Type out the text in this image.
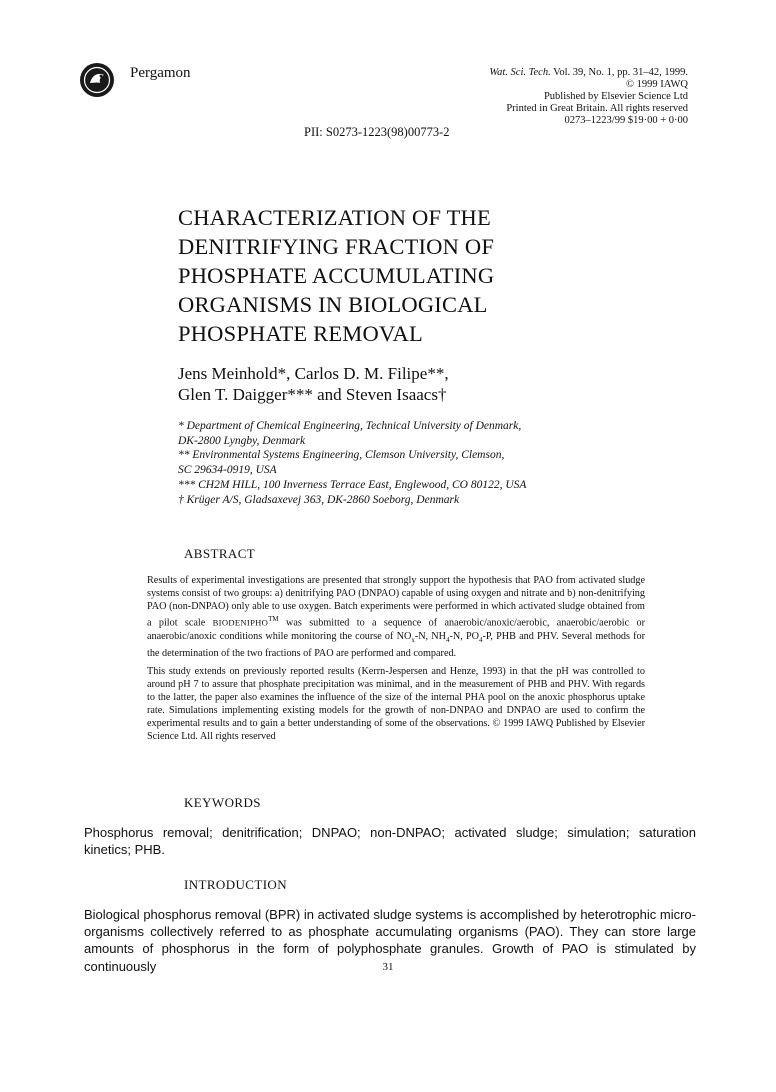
Pergamon	Wat. Sci. Tech. Vol. 39, No. 1, pp. 31–42, 1999.
© 1999 IAWQ
Published by Elsevier Science Ltd
Printed in Great Britain. All rights reserved
0273–1223/99 $19·00 + 0·00
PII: S0273-1223(98)00773-2
CHARACTERIZATION OF THE
DENITRIFYING FRACTION OF
PHOSPHATE ACCUMULATING
ORGANISMS IN BIOLOGICAL
PHOSPHATE REMOVAL
Jens Meinhold*, Carlos D. M. Filipe**,
Glen T. Daigger*** and Steven Isaacs†
* Department of Chemical Engineering, Technical University of Denmark,
DK-2800 Lyngby, Denmark
** Environmental Systems Engineering, Clemson University, Clemson,
SC 29634-0919, USA
*** CH2M HILL, 100 Inverness Terrace East, Englewood, CO 80122, USA
† Krüger A/S, Gladsaxevej 363, DK-2860 Soeborg, Denmark
ABSTRACT

Results of experimental investigations are presented that strongly support the hypothesis that PAO from activated sludge systems consist of two groups: a) denitrifying PAO (DNPAO) capable of using oxygen and nitrate and b) non-denitrifying PAO (non-DNPAO) only able to use oxygen. Batch experiments were performed in which activated sludge obtained from a pilot scale BIODENIPHO™ was submitted to a sequence of anaerobic/anoxic/aerobic, anaerobic/aerobic or anaerobic/anoxic conditions while monitoring the course of $NO_x-N$, $NH_4-N$, $PO_4-P$, PHB and PHV. Several methods for the determination of the two fractions of PAO are performed and compared.

This study extends on previously reported results (Kerrn-Jespersen and Henze, 1993) in that the pH was controlled to around pH 7 to assure that phosphate precipitation was minimal, and in the measurement of PHB and PHV. With regards to the latter, the paper also examines the influence of the size of the internal PHA pool on the anoxic phosphorus uptake rate. Simulations implementing existing models for the growth of non-DNPAO and DNPAO are used to confirm the experimental results and to gain a better understanding of some of the observations. © 1999 IAWQ Published by Elsevier Science Ltd. All rights reserved

KEYWORDS
Phosphorus removal; denitrification; DNPAO; non-DNPAO; activated sludge; simulation; saturation kinetics; PHB.
INTRODUCTION
Biological phosphorus removal (BPR) in activated sludge systems is accomplished by heterotrophic micro-organisms collectively referred to as phosphate accumulating organisms (PAO). They can store large amounts of phosphorus in the form of polyphosphate granules. Growth of PAO is stimulated by continuously	31
